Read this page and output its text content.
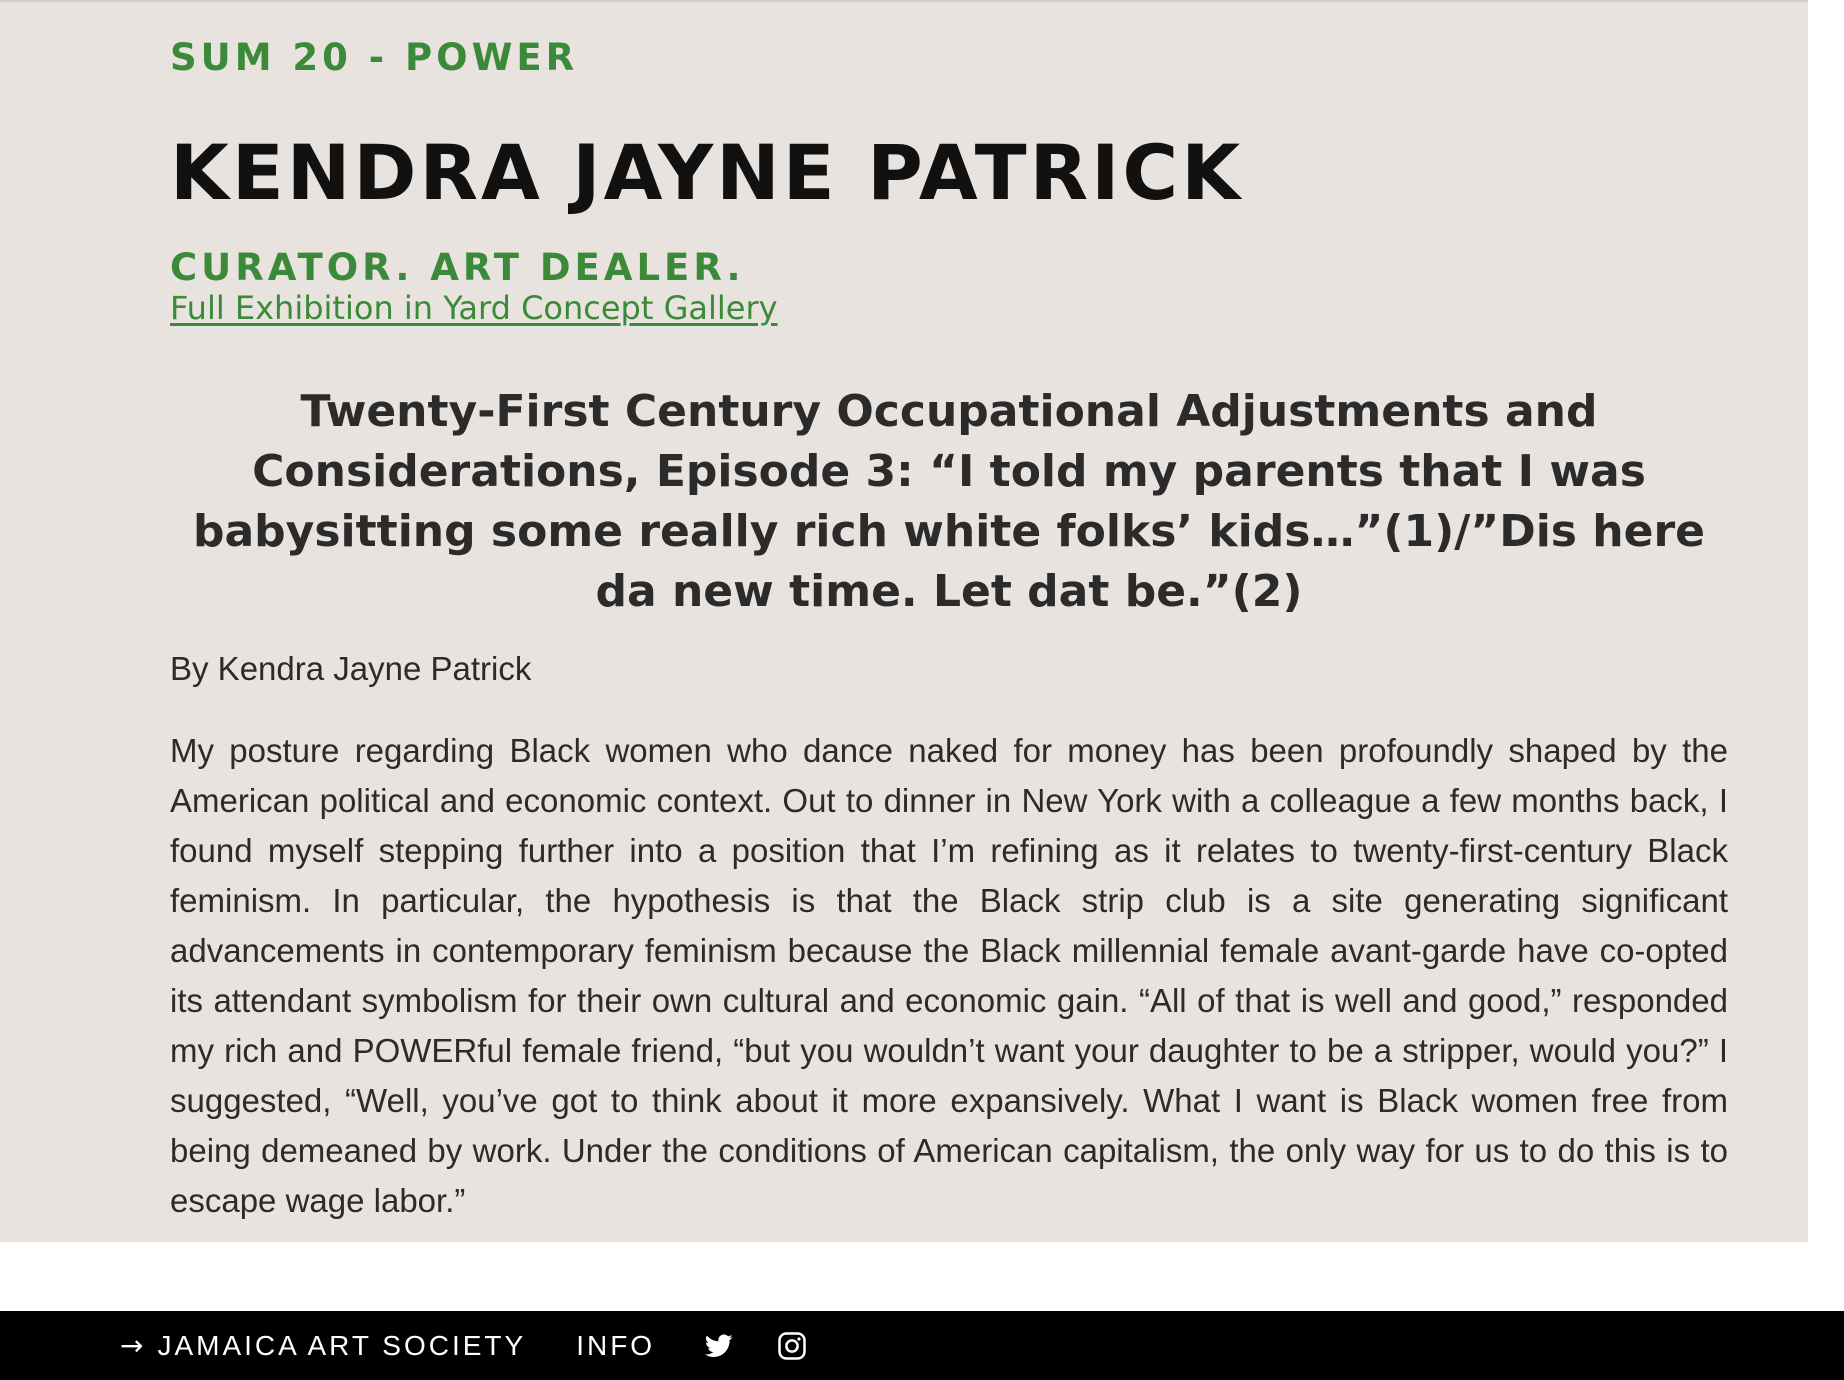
SUM 20 - POWER
KENDRA JAYNE PATRICK
CURATOR. ART DEALER.
Full Exhibition in Yard Concept Gallery
Twenty-First Century Occupational Adjustments and Considerations, Episode 3: “I told my parents that I was babysitting some really rich white folks’ kids…”(1)/”Dis here da new time. Let dat be.”(2)

By Kendra Jayne Patrick

My posture regarding Black women who dance naked for money has been profoundly shaped by the American political and economic context. Out to dinner in New York with a colleague a few months back, I found myself stepping further into a position that I’m refining as it relates to twenty-first-century Black feminism. In particular, the hypothesis is that the Black strip club is a site generating significant advancements in contemporary feminism because the Black millennial female avant-garde have co-opted its attendant symbolism for their own cultural and economic gain. “All of that is well and good,” responded my rich and POWERful female friend, “but you wouldn’t want your daughter to be a stripper, would you?” I suggested, “Well, you’ve got to think about it more expansively. What I want is Black women free from being demeaned by work. Under the conditions of American capitalism, the only way for us to do this is to escape wage labor.”

→ JAMAICA ART SOCIETY INFO
